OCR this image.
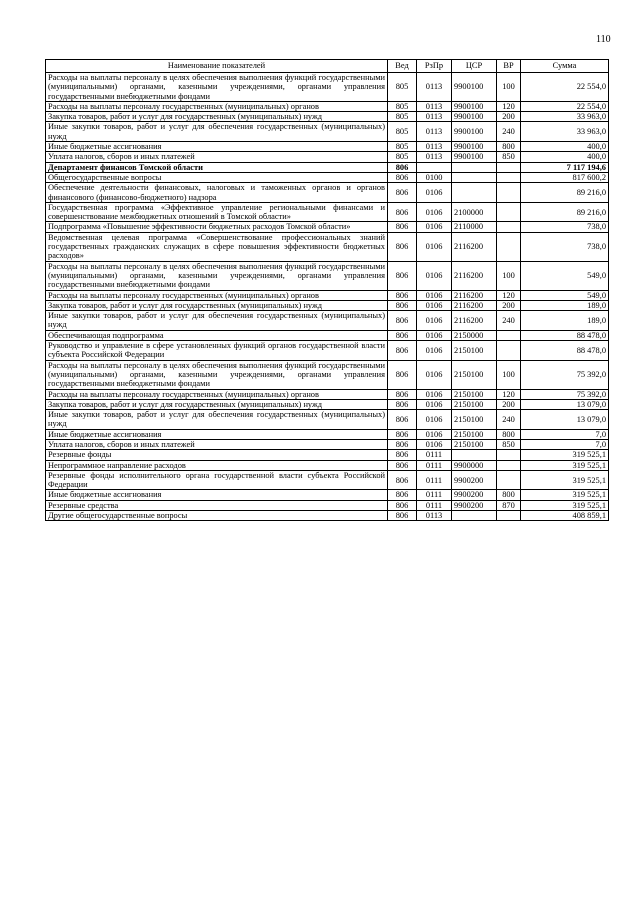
110
Наименование показателей	Вед	РзПр	ЦСР	ВР	Сумма
Расходы на выплаты персоналу в целях обеспечения выполнения функций государственными (муниципальными) органами, казенными учреждениями, органами управления государственными внебюджетными фондами	805	0113	9900100	100	22 554,0
Расходы на выплаты персоналу государственных (муниципальных) органов	805	0113	9900100	120	22 554,0
Закупка товаров, работ и услуг для государственных (муниципальных) нужд	805	0113	9900100	200	33 963,0
Иные закупки товаров, работ и услуг для обеспечения государственных (муниципальных) нужд	805	0113	9900100	240	33 963,0
Иные бюджетные ассигнования	805	0113	9900100	800	400,0
Уплата налогов, сборов и иных платежей	805	0113	9900100	850	400,0
Департамент финансов Томской области	806				7 117 194,6
Общегосударственные вопросы	806	0100			817 600,2
Обеспечение деятельности финансовых, налоговых и таможенных органов и органов финансового (финансово-бюджетного) надзора	806	0106			89 216,0
Государственная программа «Эффективное управление региональными финансами и совершенствование межбюджетных отношений в Томской области»	806	0106	2100000		89 216,0
Подпрограмма «Повышение эффективности бюджетных расходов Томской области»	806	0106	2110000		738,0
Ведомственная целевая программа «Совершенствование профессиональных знаний государственных гражданских служащих в сфере повышения эффективности бюджетных расходов»	806	0106	2116200		738,0
Расходы на выплаты персоналу в целях обеспечения выполнения функций государственными (муниципальными) органами, казенными учреждениями, органами управления государственными внебюджетными фондами	806	0106	2116200	100	549,0
Расходы на выплаты персоналу государственных (муниципальных) органов	806	0106	2116200	120	549,0
Закупка товаров, работ и услуг для государственных (муниципальных) нужд	806	0106	2116200	200	189,0
Иные закупки товаров, работ и услуг для обеспечения государственных (муниципальных) нужд	806	0106	2116200	240	189,0
Обеспечивающая подпрограмма	806	0106	2150000		88 478,0
Руководство и управление в сфере установленных функций органов государственной власти субъекта Российской Федерации	806	0106	2150100		88 478,0
Расходы на выплаты персоналу в целях обеспечения выполнения функций государственными (муниципальными) органами, казенными учреждениями, органами управления государственными внебюджетными фондами	806	0106	2150100	100	75 392,0
Расходы на выплаты персоналу государственных (муниципальных) органов	806	0106	2150100	120	75 392,0
Закупка товаров, работ и услуг для государственных (муниципальных) нужд	806	0106	2150100	200	13 079,0
Иные закупки товаров, работ и услуг для обеспечения государственных (муниципальных) нужд	806	0106	2150100	240	13 079,0
Иные бюджетные ассигнования	806	0106	2150100	800	7,0
Уплата налогов, сборов и иных платежей	806	0106	2150100	850	7,0
Резервные фонды	806	0111			319 525,1
Непрограммное направление расходов	806	0111	9900000		319 525,1
Резервные фонды исполнительного органа государственной власти субъекта Российской Федерации	806	0111	9900200		319 525,1
Иные бюджетные ассигнования	806	0111	9900200	800	319 525,1
Резервные средства	806	0111	9900200	870	319 525,1
Другие общегосударственные вопросы	806	0113			408 859,1
